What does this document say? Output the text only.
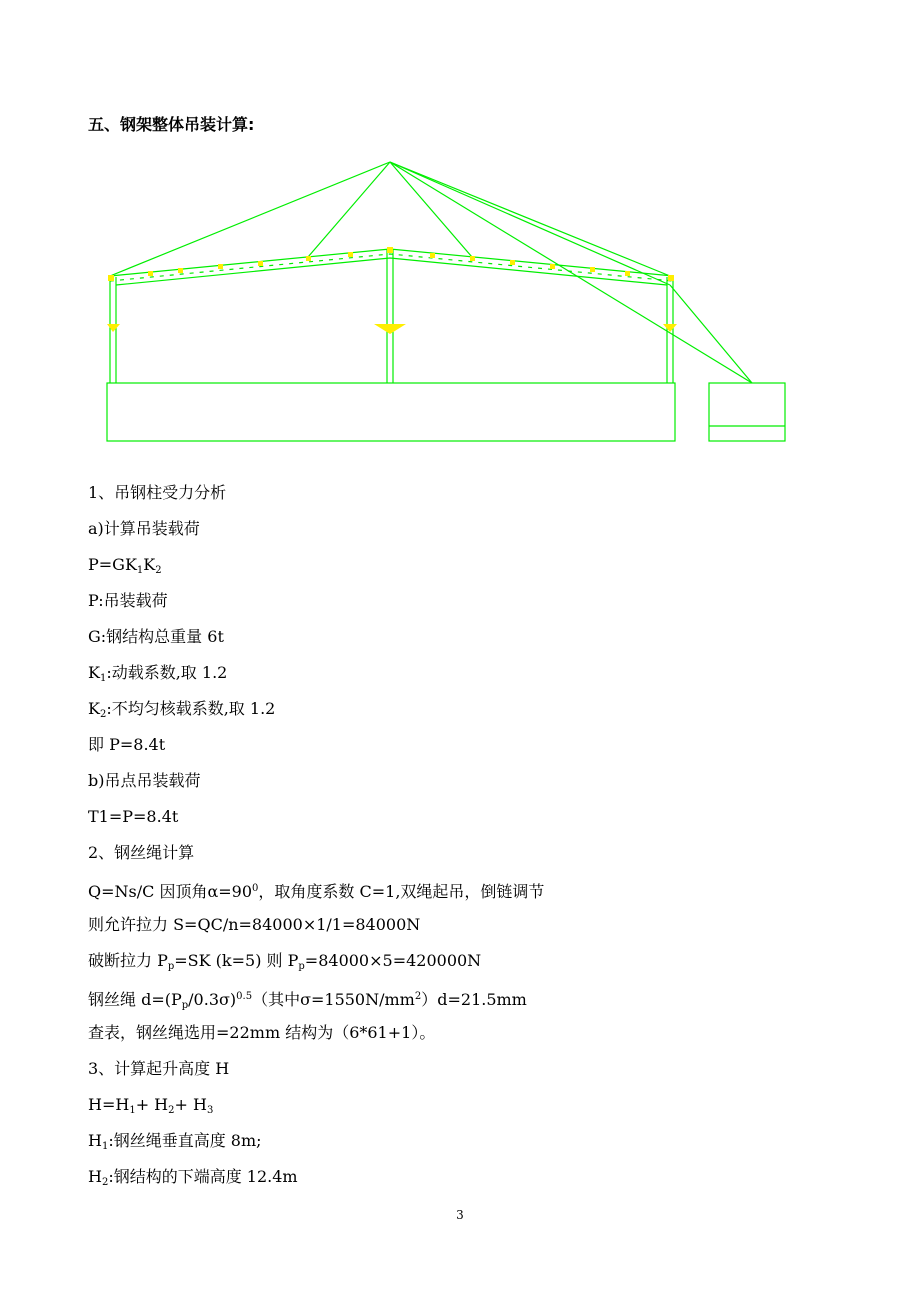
五、钢架整体吊装计算:

1、吊钢柱受力分析

a)计算吊装载荷

$P=GK_1K_2$

P:吊装载荷

G:钢结构总重量 6t

$K_1$:动载系数,取 1.2

$K_2$:不均匀核载系数,取 1.2

即 P=8.4t

b)吊点吊装载荷

T1=P=8.4t

2、钢丝绳计算

Q=Ns/C 因顶角$\alpha=90^0$，取角度系数 C=1,双绳起吊，倒链调节

则允许拉力 S=QC/n=84000×1/1=84000N

破断拉力 $P_p=SK$ (k=5) 则 $P_p=84000\times 5=420000N$

钢丝绳 $d=(P_p/0.3\sigma)^{0.5}$（其中$\sigma=1550N/mm^2)d=21.5mm$

查表，钢丝绳选用=22mm 结构为（6*61+1）。

3、计算起升高度 H

$H=H_1+ H_2+ H_3$

$H_1$:钢丝绳垂直高度 8m;

$H_2$:钢结构的下端高度 12.4m

3
